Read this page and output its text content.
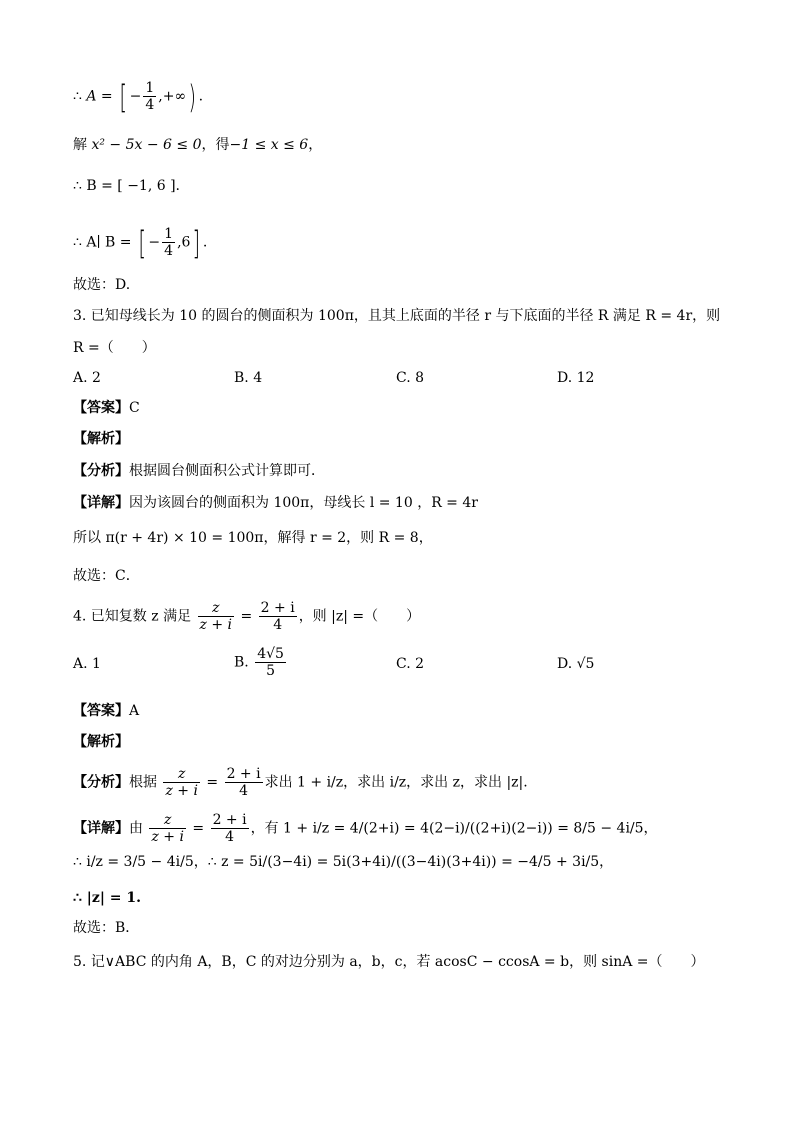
∴ A = [ − $\frac{1}{4}$ ,+∞) .
解 x² − 5x − 6 ≤ 0，得−1 ≤ x ≤ 6，
∴ B = [ −1, 6 ].
∴ A∣ B = [ − $\frac{1}{4} ,6$] .
故选：D.
3. 已知母线长为 10 的圆台的侧面积为 100π，且其上底面的半径 r 与下底面的半径 R 满足 R = 4r，则
R =（　　）
A. 2	B. 4	C. 8	D. 12
【答案】C
【解析】
【分析】根据圆台侧面积公式计算即可．
【详解】因为该圆台的侧面积为 100π，母线长 l = 10 ，R = 4r
所以 π(r + 4r) × 10 = 100π，解得 r = 2，则 R = 8，
故选：C．
4. 已知复数 z 满足 $\frac{z}{z + i} = \frac{2 + i}{4}$ ，则 |z| =（　　）
A. 1	B. $\frac{4√5}{5}$	C. 2	D. √5
【答案】A
【解析】
【分析】根据 $\frac{z}{z + i} = \frac{2 + i}{4}$ 求出 1 + i/z，求出 i/z，求出 z，求出 |z|.
【详解】由 $\frac{z}{z + i} = \frac{2 + i}{4}$ ，有 1 + i/z = 4/(2+i) = 4(2−i)/((2+i)(2−i)) = 8/5 − 4i/5，
∴ i/z = 3/5 − 4i/5，∴ z = 5i/(3−4i) = 5i(3+4i)/((3−4i)(3+4i)) = −4/5 + 3i/5，
∴ |z| = 1.
故选：B．
5. 记∨ABC 的内角 A，B，C 的对边分别为 a，b，c，若 acosC − ccosA = b，则 sinA =（　　）
